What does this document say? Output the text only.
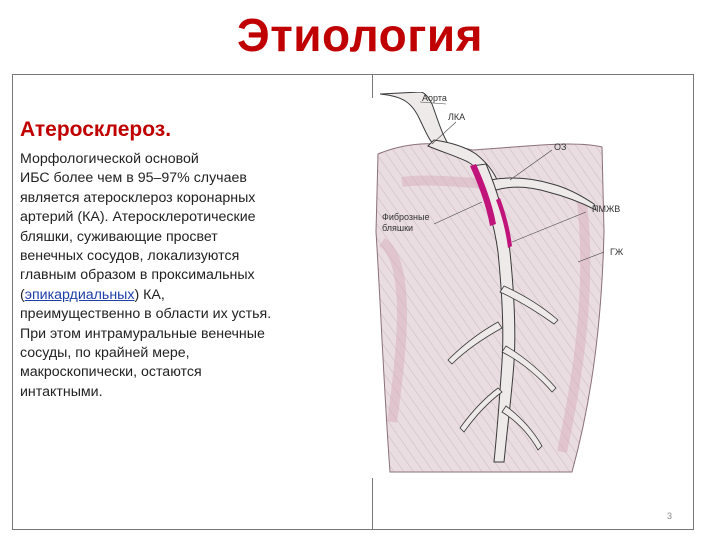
Этиология
Атеросклероз.
Морфологической основой
ИБС более чем в 95–97% случаев
является атеросклероз коронарных
артерий (КА). Атеросклеротические
бляшки, суживающие просвет
венечных сосудов, локализуются
главным образом в проксимальных
(эпикардиальных) КА,
преимущественно в области их устья.
При этом интрамуральные венечные
сосуды, по крайней мере,
макроскопически, остаются
интактными.
Аорта
ЛКА
ОЗ
Фиброзные
бляшки
ПМЖВ
ГЖ
3
